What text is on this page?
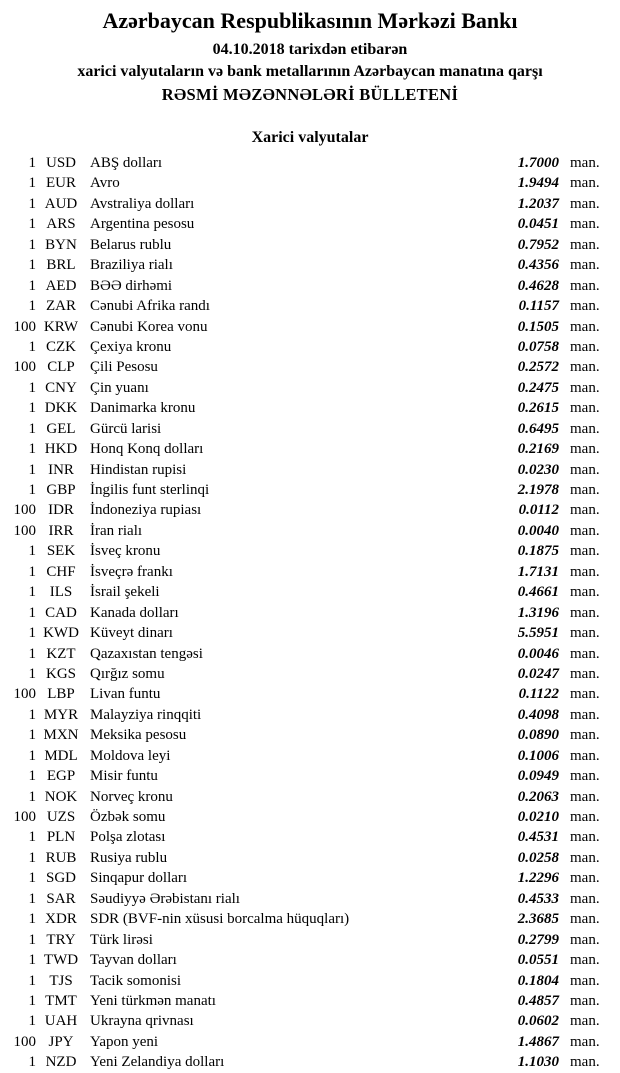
Azərbaycan Respublikasının Mərkəzi Bankı
04.10.2018 tarixdən etibarən
xarici valyutaların və bank metallarının Azərbaycan manatına qarşı
RƏSMİ MƏZƏNNƏLƏRİ BÜLLETENİ
Xarici valyutalar
1 USD ABŞ dolları	1.7000 man.
1 EUR Avro	1.9494 man.
1 AUD Avstraliya dolları	1.2037 man.
1 ARS Argentina pesosu	0.0451 man.
1 BYN Belarus rublu	0.7952 man.
1 BRL Braziliya rialı	0.4356 man.
1 AED BƏƏ dirhəmi	0.4628 man.
1 ZAR Cənubi Afrika randı	0.1157 man.
100 KRW Cənubi Korea vonu	0.1505 man.
1 CZK Çexiya kronu	0.0758 man.
100 CLP	Çili Pesosu	0.2572 man.
1 CNY Çin yuanı	0.2475 man.
1 DKK Danimarka kronu	0.2615 man.
1 GEL Gürcü larisi	0.6495 man.
1 HKD Honq Konq dolları	0.2169 man.
1 INR	Hindistan rupisi	0.0230 man.
1 GBP İngilis funt sterlinqi	2.1978 man.
100 IDR	İndoneziya rupiası	0.0112 man.
100 IRR	İran rialı	0.0040 man.
1 SEK İsveç kronu	0.1875 man.
1 CHF İsveçrə frankı	1.7131 man.
1 ILS	İsrail şekeli	0.4661 man.
1 CAD Kanada dolları	1.3196 man.
1 KWD Küveyt dinarı	5.5951 man.
1 KZT Qazaxıstan tengəsi	0.0046 man.
1 KGS Qırğız somu	0.0247 man.
100 LBP	Livan funtu	0.1122 man.
1 MYR Malayziya rinqqiti	0.4098 man.
1 MXN Meksika pesosu	0.0890 man.
1 MDL Moldova leyi	0.1006 man.
1 EGP Misir funtu	0.0949 man.
1 NOK Norveç kronu	0.2063 man.
100 UZS Özbək somu	0.0210 man.
1 PLN Polşa zlotası	0.4531 man.
1 RUB Rusiya rublu	0.0258 man.
1 SGD Sinqapur dolları	1.2296 man.
1 SAR Səudiyyə Ərəbistanı rialı	0.4533 man.
1 XDR SDR (BVF-nin xüsusi borcalma hüquqları)	2.3685 man.
1 TRY Türk lirəsi	0.2799 man.
1 TWD Tayvan dolları	0.0551 man.
1 TJS	Tacik somonisi	0.1804 man.
1 TMT Yeni türkmən manatı	0.4857 man.
1 UAH Ukrayna qrivnası	0.0602 man.
100 JPY	Yapon yeni	1.4867 man.
1 NZD Yeni Zelandiya dolları	1.1030 man.
